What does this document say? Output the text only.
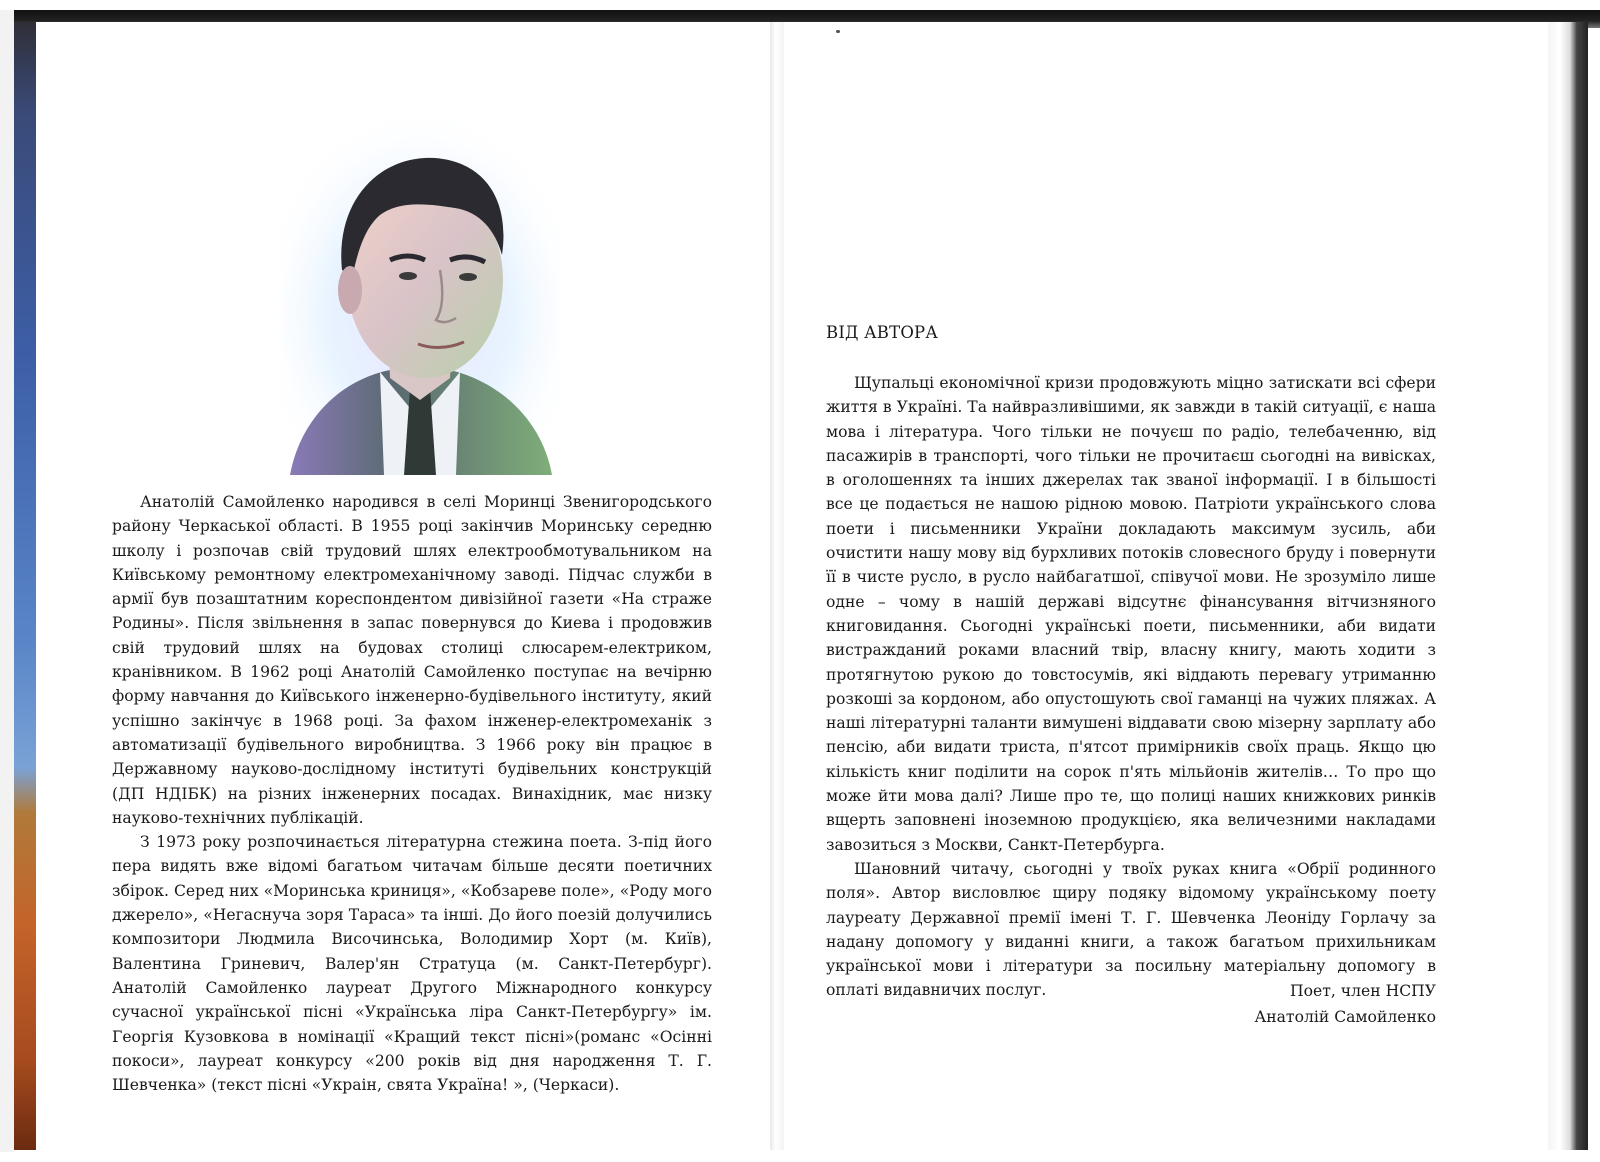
Анатолій Самойленко народився в селі Моринці Звенигородського району Черкаської області. В 1955 році закінчив Моринську середню школу і розпочав свій трудовий шлях електрообмотувальником на Київському ремонтному електромеханічному заводі. Підчас служби в армії був позаштатним кореспондентом дивізійної газети «На страже Родины». Після звільнення в запас повернувся до Киева і продовжив свій трудовий шлях на будовах столиці слюсарем-електриком, кранівником. В 1962 році Анатолій Самойленко поступає на вечірню форму навчання до Київського інженерно-будівельного інституту, який успішно закінчує в 1968 році. За фахом інженер-електромеханік з автоматизації будівельного виробництва. З 1966 року він працює в Державному науково-дослідному інституті будівельних конструкцій (ДП НДІБК) на різних інженерних посадах. Винахідник, має низку науково-технічних публікацій.

З 1973 року розпочинається літературна стежина поета. З-під його пера видять вже відомі багатьом читачам більше десяти поетичних збірок. Серед них «Моринська криниця», «Кобзареве поле», «Роду мого джерело», «Негаснуча зоря Тараса» та інші. До його поезій долучились композитори Людмила Височинська, Володимир Хорт (м. Київ), Валентина Гриневич, Валер'ян Стратуца (м. Санкт-Петербург). Анатолій Самойленко лауреат Другого Міжнародного конкурсу сучасної української пісні «Українська ліра Санкт-Петербургу» ім. Георгія Кузовкова в номінації «Кращий текст пісні»(романс «Осінні покоси», лауреат конкурсу «200 років від дня народження Т. Г. Шевченка» (текст пісні «Украін, свята Україна! », (Черкаси).

ВІД АВТОРА

Щупальці економічної кризи продовжують міцно затискати всі сфери життя в Україні. Та найвразливішими, як завжди в такій ситуації, є наша мова і література. Чого тільки не почуєш по радіо, телебаченню, від пасажирів в транспорті, чого тільки не прочитаєш сьогодні на вивісках, в оголошеннях та інших джерелах так званої інформації. І в більшості все це подається не нашою рідною мовою. Патріоти українського слова поети і письменники України докладають максимум зусиль, аби очистити нашу мову від бурхливих потоків словесного бруду і повернути її в чисте русло, в русло найбагатшої, співучої мови. Не зрозуміло лише одне – чому в нашій державі відсутнє фінансування вітчизняного книговидання. Сьогодні українські поети, письменники, аби видати вистражданий роками власний твір, власну книгу, мають ходити з протягнутою рукою до товстосумів, які віддають перевагу утриманню розкоші за кордоном, або опустошують свої гаманці на чужих пляжах. А наші літературні таланти вимушені віддавати свою мізерну зарплату або пенсію, аби видати триста, п'ятсот примірників своїх праць. Якщо цю кількість книг поділити на сорок п'ять мільйонів жителів… То про що може йти мова далі? Лише про те, що полиці наших книжкових ринків вщерть заповнені іноземною продукцією, яка величезними накладами завозиться з Москви, Санкт-Петербурга.

Шановний читачу, сьогодні у твоїх руках книга «Обрії родинного поля». Автор висловлює щиру подяку відомому українському поету лауреату Державної премії імені Т. Г. Шевченка Леоніду Горлачу за надану допомогу у виданні книги, а також багатьом прихильникам української мови і літератури за посильну матеріальну допомогу в оплаті видавничих послуг.	Поет, член НСПУ
Анатолій Самойленко
